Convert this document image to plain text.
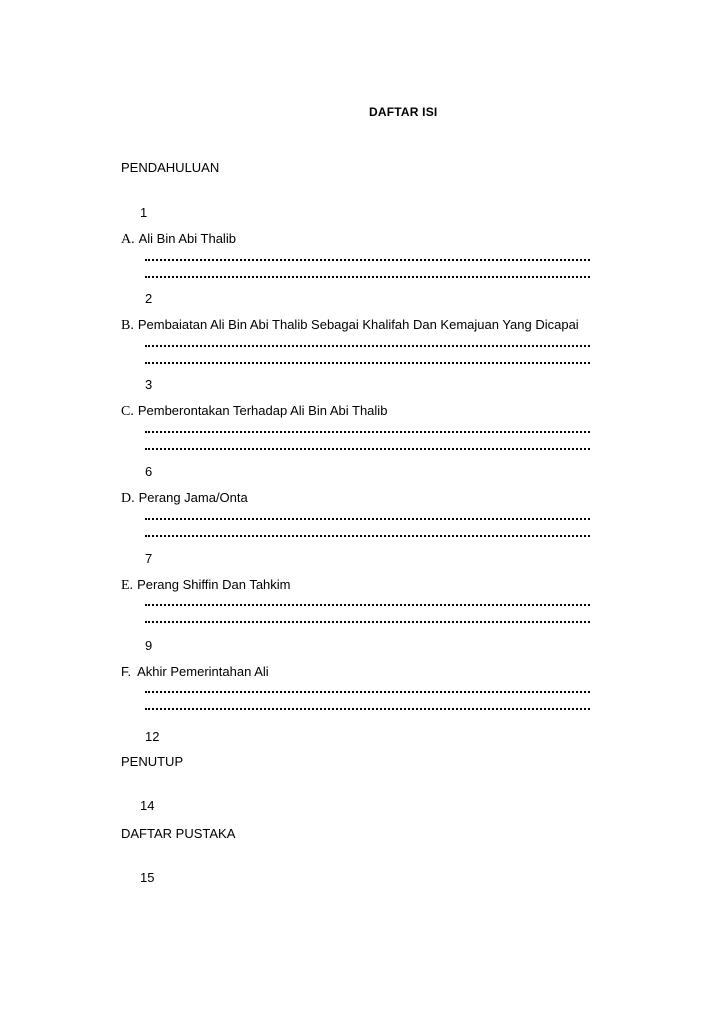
DAFTAR ISI
PENDAHULUAN
1
A. Ali Bin Abi Thalib
2
B. Pembaiatan Ali Bin Abi Thalib Sebagai Khalifah Dan Kemajuan Yang Dicapai
3
C. Pemberontakan Terhadap Ali Bin Abi Thalib
6
D. Perang Jama/Onta
7
E. Perang Shiffin Dan Tahkim
9
F. Akhir Pemerintahan Ali
12
PENUTUP
14
DAFTAR PUSTAKA
15
